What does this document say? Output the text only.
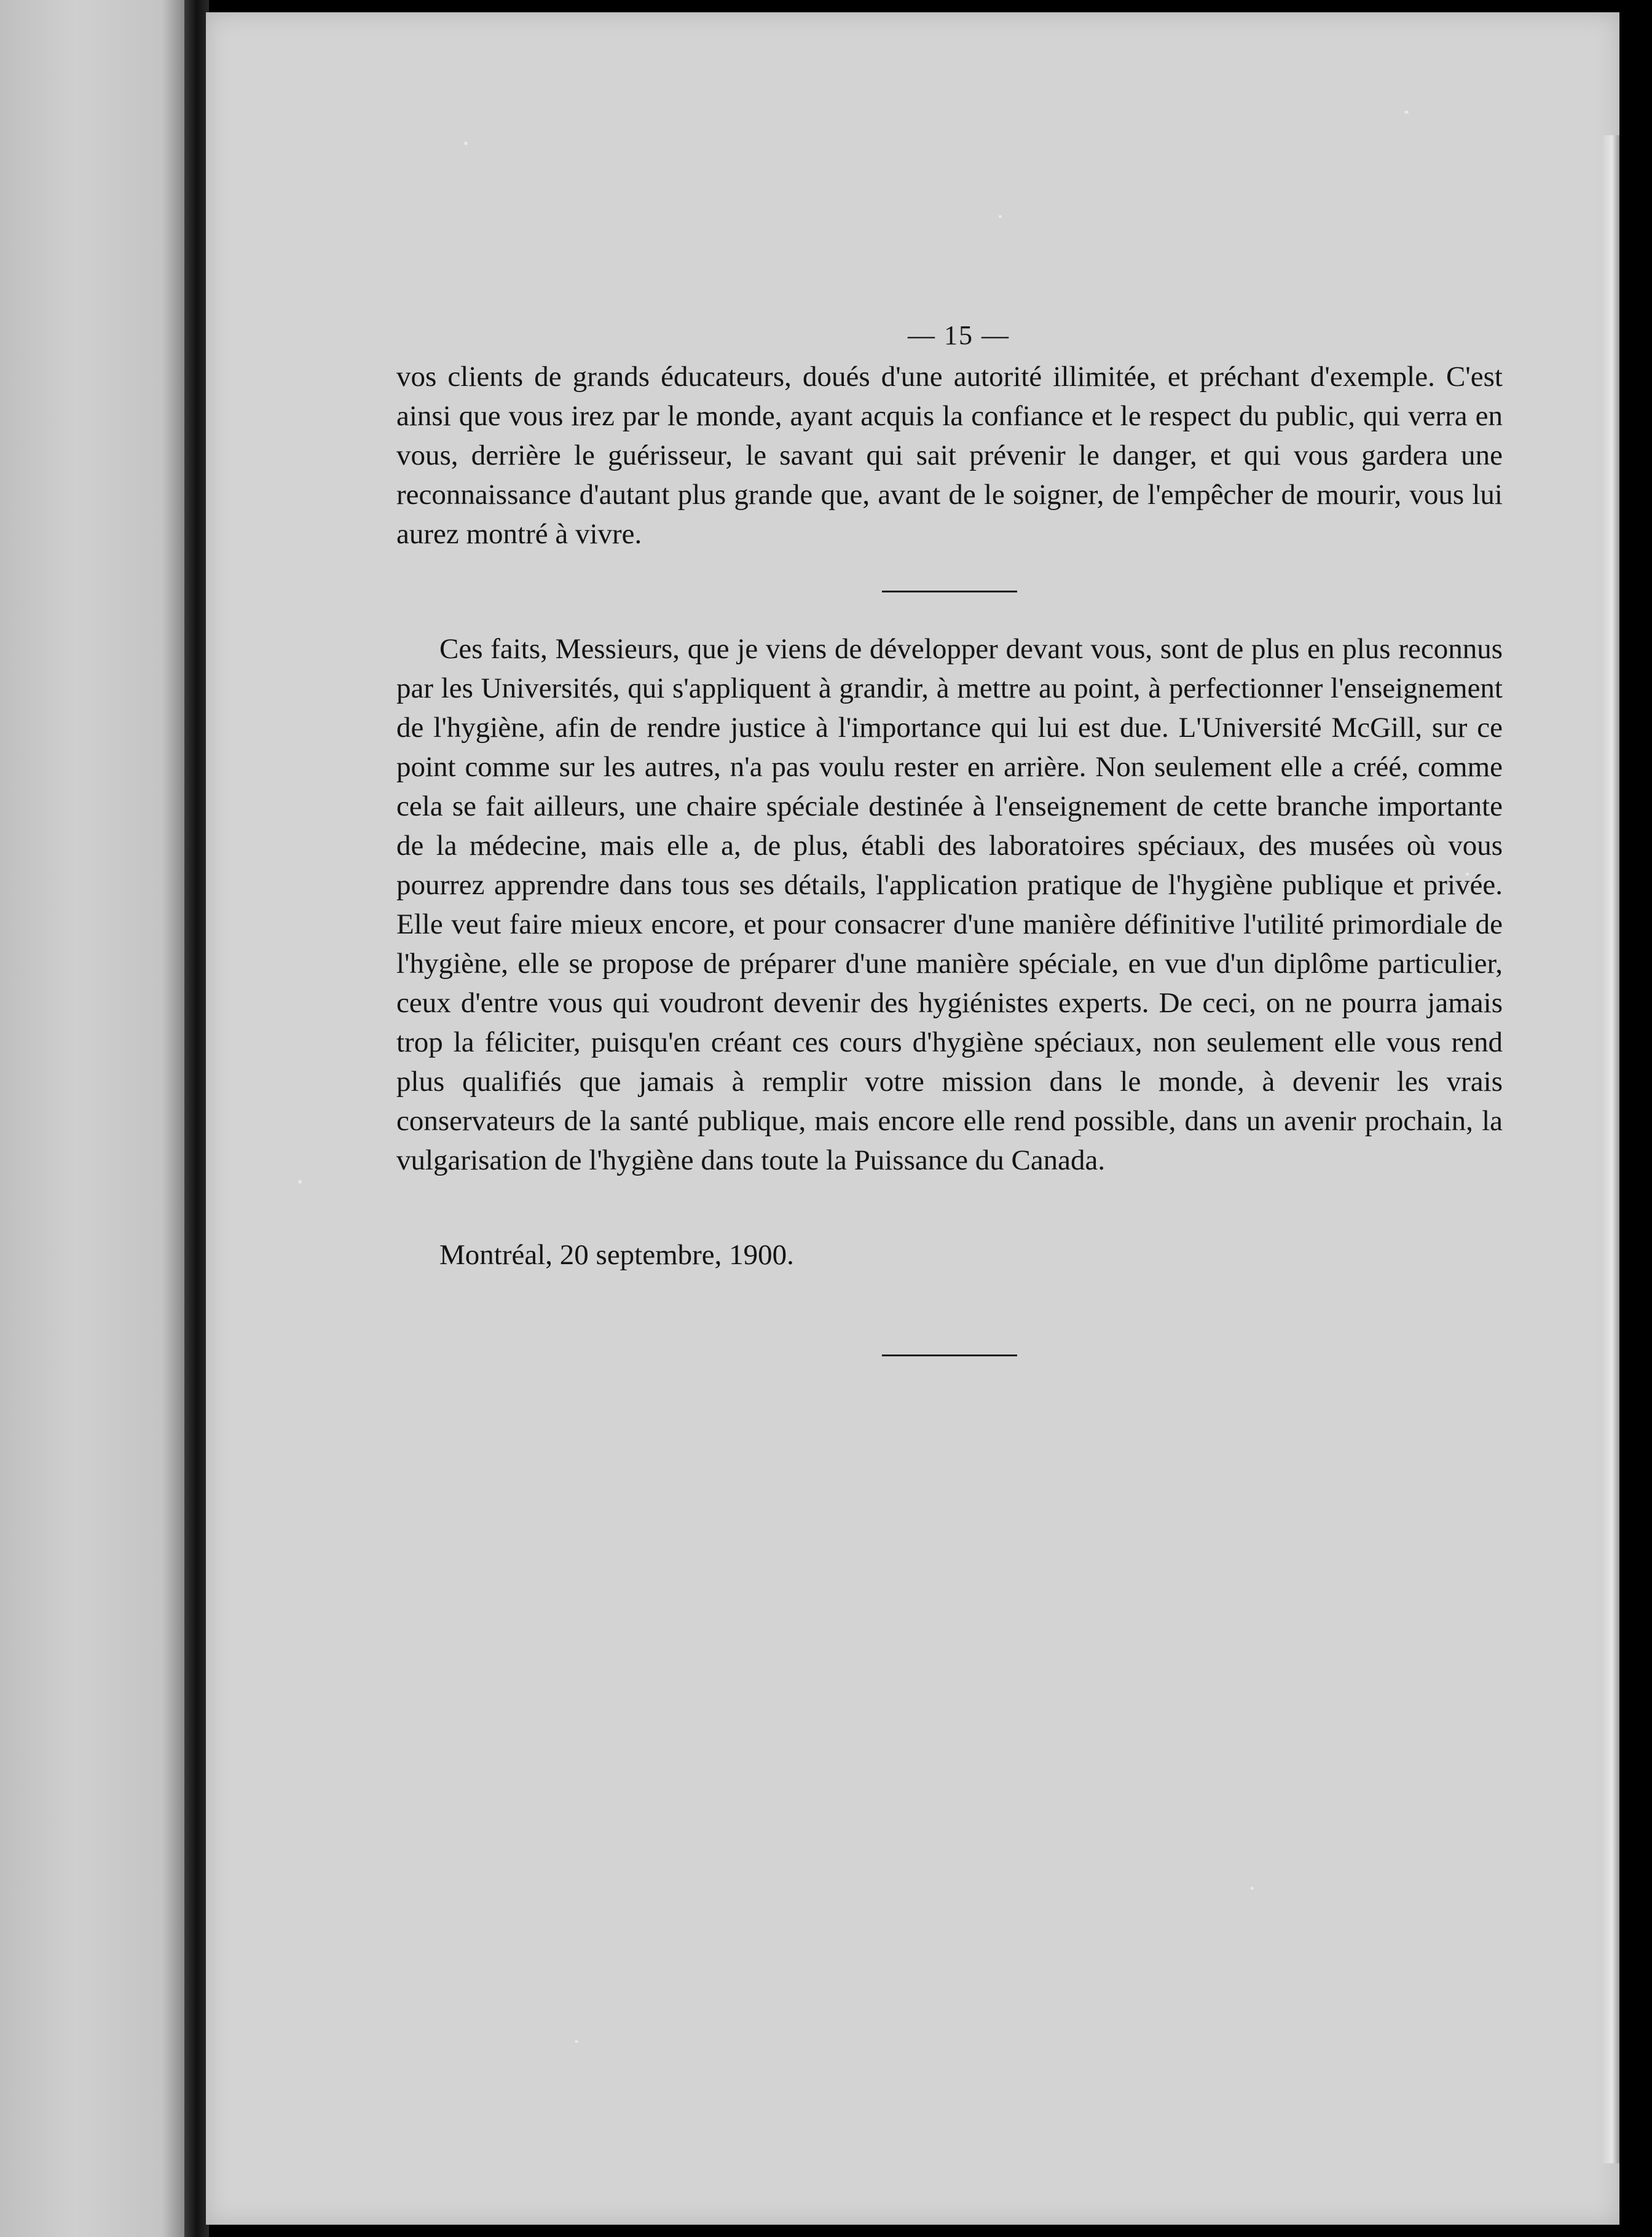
— 15 —

vos clients de grands éducateurs, doués d'une autorité illimitée, et préchant d'exemple. C'est ainsi que vous irez par le monde, ayant acquis la confiance et le respect du public, qui verra en vous, derrière le guérisseur, le savant qui sait prévenir le danger, et qui vous gardera une reconnaissance d'autant plus grande que, avant de le soigner, de l'empêcher de mourir, vous lui aurez montré à vivre.

Ces faits, Messieurs, que je viens de développer devant vous, sont de plus en plus reconnus par les Universités, qui s'appliquent à grandir, à mettre au point, à perfectionner l'enseignement de l'hygiène, afin de rendre justice à l'importance qui lui est due. L'Université McGill, sur ce point comme sur les autres, n'a pas voulu rester en arrière. Non seulement elle a créé, comme cela se fait ailleurs, une chaire spéciale destinée à l'enseignement de cette branche importante de la médecine, mais elle a, de plus, établi des laboratoires spéciaux, des musées où vous pourrez apprendre dans tous ses détails, l'application pratique de l'hygiène publique et privée. Elle veut faire mieux encore, et pour consacrer d'une manière définitive l'utilité primordiale de l'hygiène, elle se propose de préparer d'une manière spéciale, en vue d'un diplôme particulier, ceux d'entre vous qui voudront devenir des hygiénistes experts. De ceci, on ne pourra jamais trop la féliciter, puisqu'en créant ces cours d'hygiène spéciaux, non seulement elle vous rend plus qualifiés que jamais à remplir votre mission dans le monde, à devenir les vrais conservateurs de la santé publique, mais encore elle rend possible, dans un avenir prochain, la vulgarisation de l'hygiène dans toute la Puissance du Canada.

Montréal, 20 septembre, 1900.
